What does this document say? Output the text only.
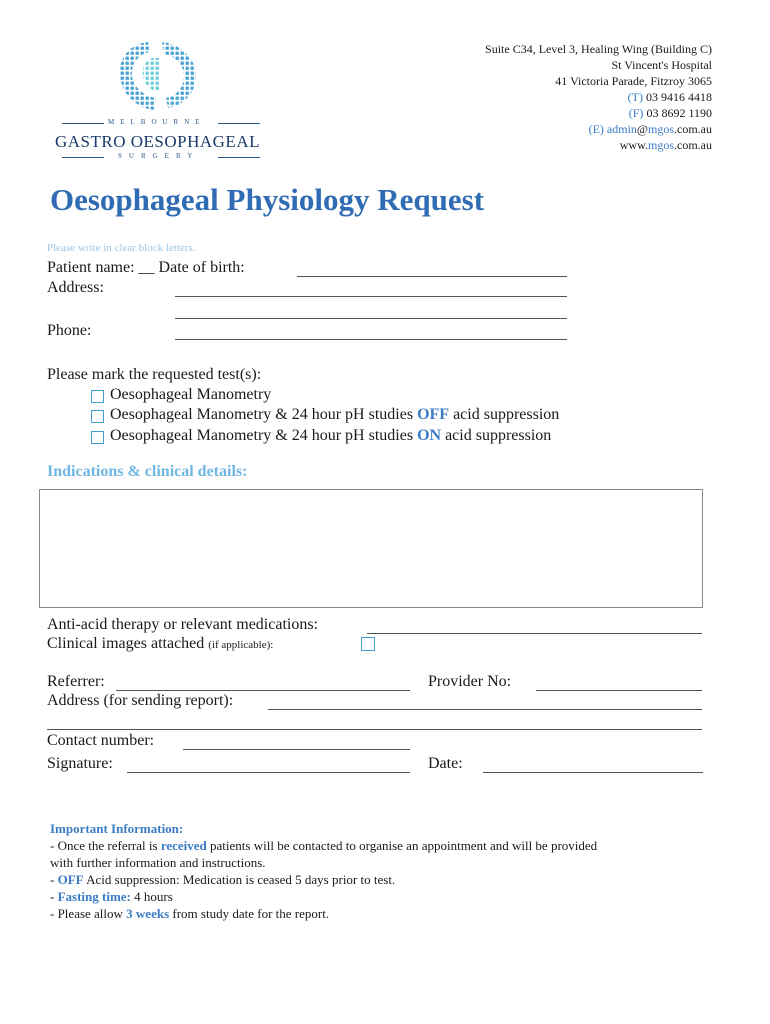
MELBOURNE
GASTRO OESOPHAGEAL
SURGERY
Suite C34, Level 3, Healing Wing (Building C)
St Vincent's Hospital
41 Victoria Parade, Fitzroy 3065
(T) 03 9416 4418
(F) 03 8692 1190
(E) admin@mgos.com.au
www.mgos.com.au
Oesophageal Physiology Request
Please write in clear block letters.
Patient name: __ Date of birth:
Address:
Phone:
Please mark the requested test(s):
Oesophageal Manometry
Oesophageal Manometry & 24 hour pH studies OFF acid suppression
Oesophageal Manometry & 24 hour pH studies ON acid suppression
Indications & clinical details:
Anti-acid therapy or relevant medications:
Clinical images attached (if applicable):
Referrer:	Provider No:
Address (for sending report):
Contact number:
Signature:	Date:
Important Information:
- Once the referral is received patients will be contacted to organise an appointment and will be provided
with further information and instructions.
- OFF Acid suppression: Medication is ceased 5 days prior to test.
- Fasting time: 4 hours
- Please allow 3 weeks from study date for the report.
